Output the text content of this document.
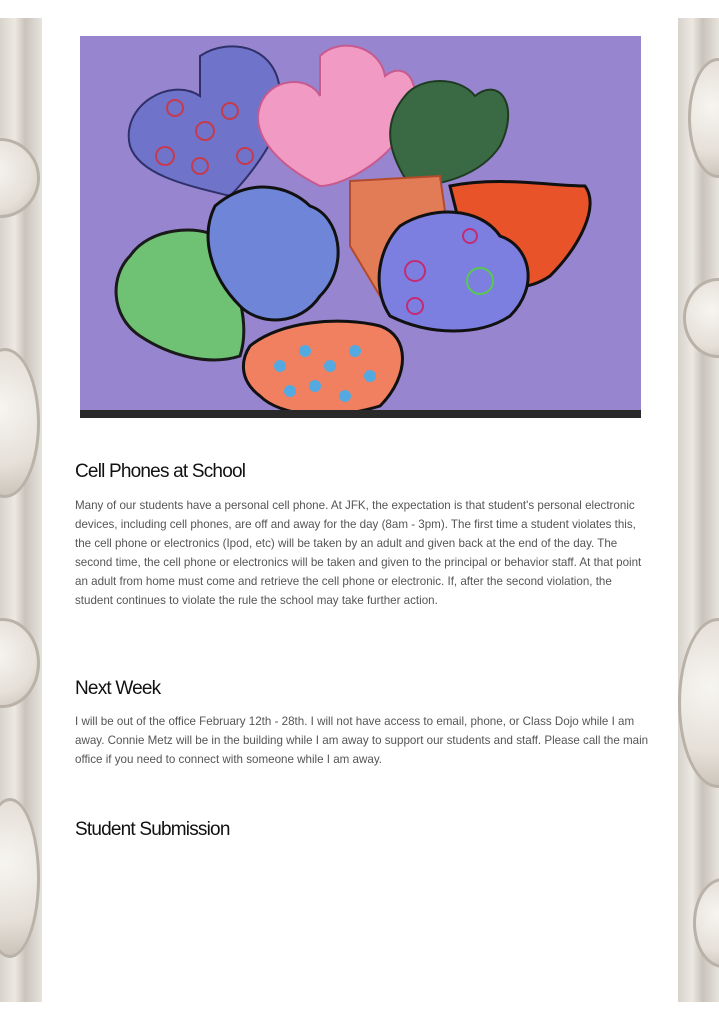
Cell Phones at School

Many of our students have a personal cell phone. At JFK, the expectation is that student's personal electronic devices, including cell phones, are off and away for the day (8am - 3pm). The first time a student violates this, the cell phone or electronics (Ipod, etc) will be taken by an adult and given back at the end of the day. The second time, the cell phone or electronics will be taken and given to the principal or behavior staff. At that point an adult from home must come and retrieve the cell phone or electronic. If, after the second violation, the student continues to violate the rule the school may take further action.

Next Week

I will be out of the office February 12th - 28th. I will not have access to email, phone, or Class Dojo while I am away. Connie Metz will be in the building while I am away to support our students and staff. Please call the main office if you need to connect with someone while I am away.

Student Submission
